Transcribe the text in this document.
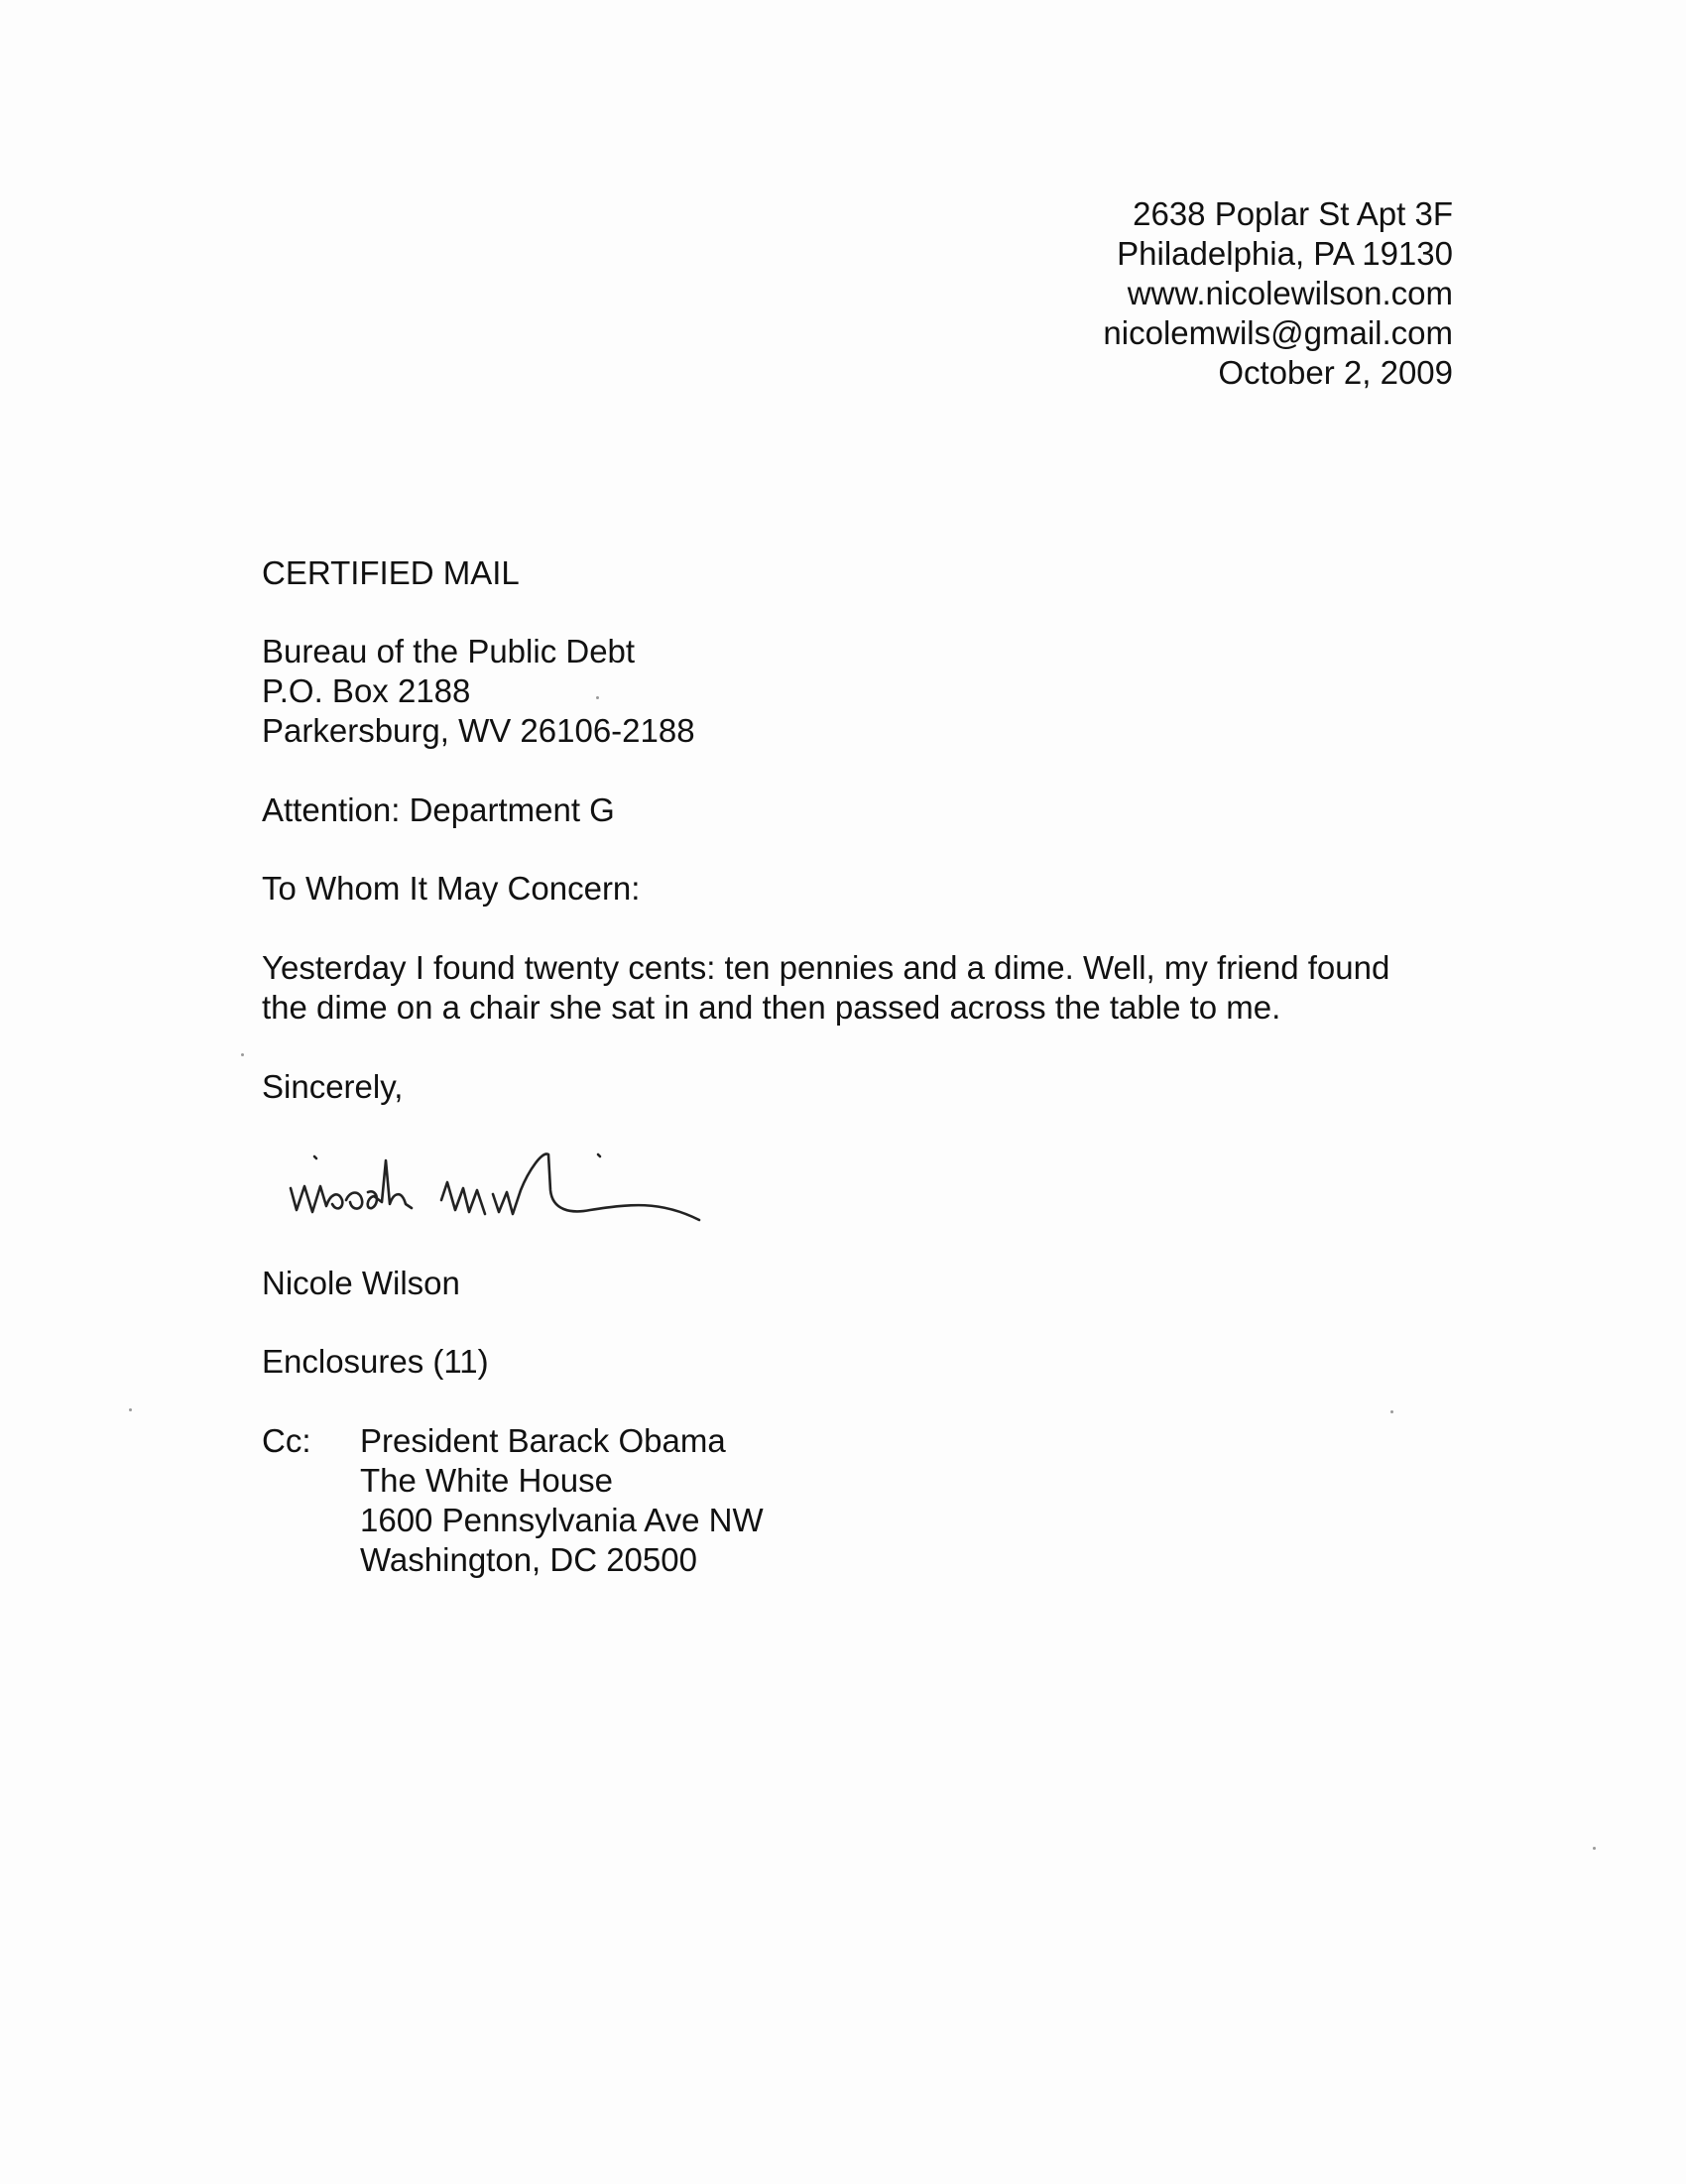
2638 Poplar St Apt 3F
Philadelphia, PA 19130
www.nicolewilson.com
nicolemwils@gmail.com
October 2, 2009
CERTIFIED MAIL
Bureau of the Public Debt
P.O. Box 2188
Parkersburg, WV 26106-2188
Attention: Department G
To Whom It May Concern:
Yesterday I found twenty cents: ten pennies and a dime. Well, my friend found
the dime on a chair she sat in and then passed across the table to me.
Sincerely,
Nicole Wilson
Enclosures (11)
Cc: President Barack Obama
The White House
1600 Pennsylvania Ave NW
Washington, DC 20500
